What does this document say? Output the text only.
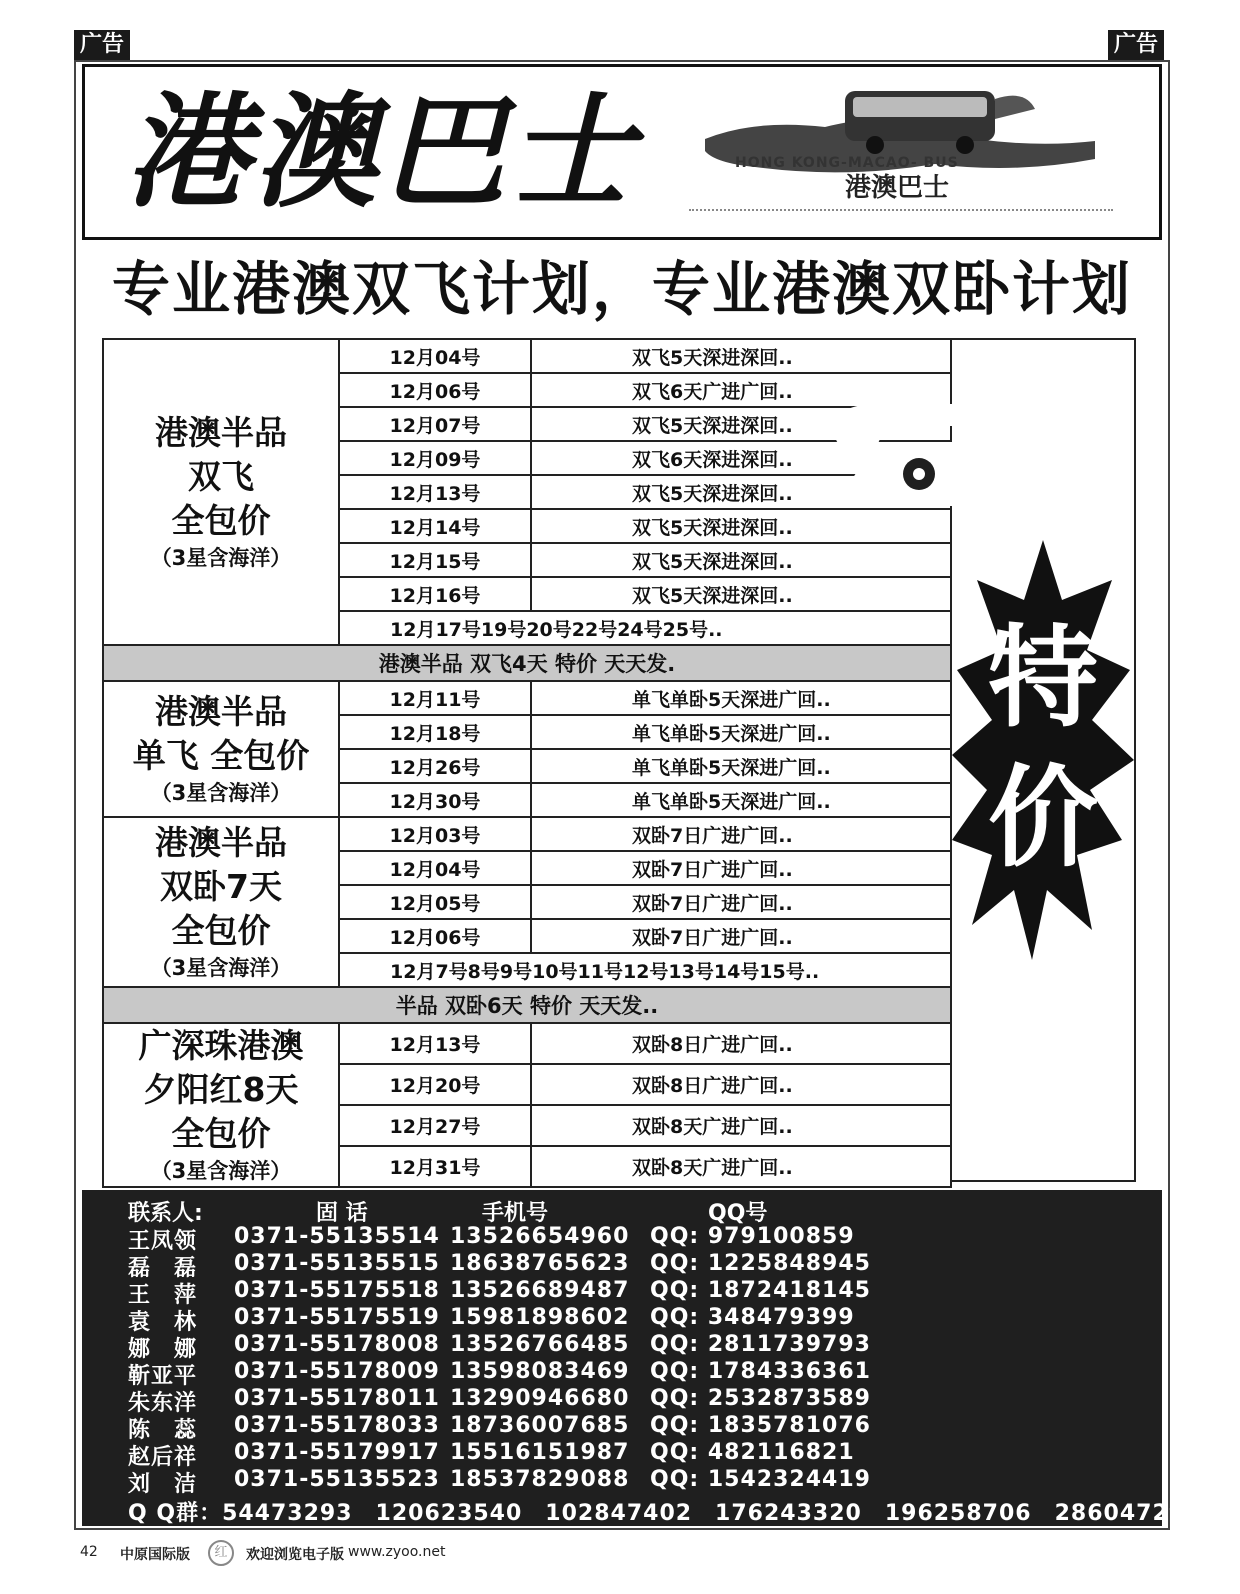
广告	广告
港澳巴士	HONG KONG-MACAO- BUS
港澳巴士
专业港澳双飞计划，专业港澳双卧计划
港澳半品
双飞
全包价
（3星含海洋）	12月04号	双飞5天深进深回..
	12月06号	双飞6天广进广回..
	12月07号	双飞5天深进深回..
	12月09号	双飞6天深进深回..
	12月13号	双飞5天深进深回..
	12月14号	双飞5天深进深回..
	12月15号	双飞5天深进深回..
	12月16号	双飞5天深进深回..
	12月17号19号20号22号24号25号..	
港澳半品 双飞4天 特价 天天发.		

港澳半品
单飞 全包价
（3星含海洋）	12月11号	单飞单卧5天深进广回..
	12月18号	单飞单卧5天深进广回..
	12月26号	单飞单卧5天深进广回..
	12月30号	单飞单卧5天深进广回..

港澳半品
双卧7天
全包价
（3星含海洋）	12月03号	双卧7日广进广回..
	12月04号	双卧7日广进广回..
	12月05号	双卧7日广进广回..
	12月06号	双卧7日广进广回..
	12月7号8号9号10号11号12号13号14号15号..	
半品 双卧6天 特价 天天发..		

广深珠港澳
夕阳红8天
全包价
（3星含海洋）	12月13号	双卧8日广进广回..
	12月20号	双卧8日广进广回..
	12月27号	双卧8天广进广回..
	12月31号	双卧8天广进广回..
特
价
联系人:	固 话	手机号	QQ号
王凤领 0371-55135514 13526654960 QQ: 979100859
磊　磊 0371-55135515 18638765623 QQ: 1225848945
王　萍 0371-55175518 13526689487 QQ: 1872418145
袁　林 0371-55175519 15981898602 QQ: 348479399
娜　娜 0371-55178008 13526766485 QQ: 2811739793
靳亚平 0371-55178009 13598083469 QQ: 1784336361
朱东洋 0371-55178011 13290946680 QQ: 2532873589
陈　蕊 0371-55178033 18736007685 QQ: 1835781076
赵后祥 0371-55179917 15516151987 QQ: 482116821
刘　洁 0371-55135523 18537829088 QQ: 1542324419
Q Q群：54473293　120623540　102847402　176243320　196258706　286047298
42 中原国际版	红	欢迎浏览电子版 www.zyoo.net
